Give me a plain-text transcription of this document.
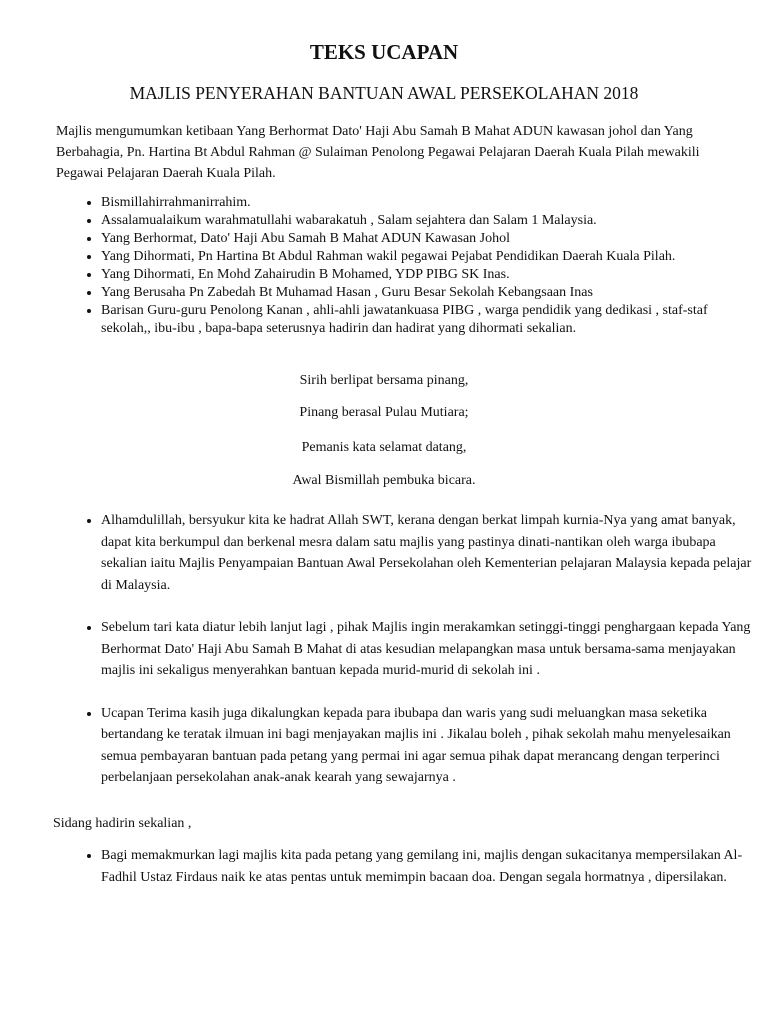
TEKS UCAPAN
MAJLIS PENYERAHAN BANTUAN AWAL PERSEKOLAHAN 2018
Majlis mengumumkan ketibaan Yang Berhormat Dato' Haji Abu Samah B Mahat ADUN kawasan johol dan Yang Berbahagia, Pn. Hartina Bt Abdul Rahman @ Sulaiman Penolong Pegawai Pelajaran Daerah Kuala Pilah mewakili Pegawai Pelajaran Daerah Kuala Pilah.
• Bismillahirrahmanirrahim.
• Assalamualaikum warahmatullahi wabarakatuh , Salam sejahtera dan Salam 1 Malaysia.
• Yang Berhormat, Dato' Haji Abu Samah B Mahat ADUN Kawasan Johol
• Yang Dihormati, Pn Hartina Bt Abdul Rahman wakil pegawai Pejabat Pendidikan Daerah Kuala Pilah.
• Yang Dihormati, En Mohd Zahairudin B Mohamed, YDP PIBG SK Inas.
• Yang Berusaha Pn Zabedah Bt Muhamad Hasan , Guru Besar Sekolah Kebangsaan Inas
• Barisan Guru-guru Penolong Kanan , ahli-ahli jawatankuasa PIBG , warga pendidik yang dedikasi , staf-staf sekolah,, ibu-ibu , bapa-bapa seterusnya hadirin dan hadirat yang dihormati sekalian.
Sirih berlipat bersama pinang,
Pinang berasal Pulau Mutiara;
Pemanis kata selamat datang,
Awal Bismillah pembuka bicara.
• Alhamdulillah, bersyukur kita ke hadrat Allah SWT, kerana dengan berkat limpah kurnia-Nya yang amat banyak, dapat kita berkumpul dan berkenal mesra dalam satu majlis yang pastinya dinati-nantikan oleh warga ibubapa sekalian iaitu Majlis Penyampaian Bantuan Awal Persekolahan oleh Kementerian pelajaran Malaysia kepada pelajar di Malaysia.
• Sebelum tari kata diatur lebih lanjut lagi , pihak Majlis ingin merakamkan setinggi-tinggi penghargaan kepada Yang Berhormat Dato' Haji Abu Samah B Mahat di atas kesudian melapangkan masa untuk bersama-sama menjayakan majlis ini sekaligus menyerahkan bantuan kepada murid-murid di sekolah ini .
• Ucapan Terima kasih juga dikalungkan kepada para ibubapa dan waris yang sudi meluangkan masa seketika bertandang ke teratak ilmuan ini bagi menjayakan majlis ini . Jikalau boleh , pihak sekolah mahu menyelesaikan semua pembayaran bantuan pada petang yang permai ini agar semua pihak dapat merancang dengan terperinci perbelanjaan persekolahan anak-anak kearah yang sewajarnya .
Sidang hadirin sekalian ,
• Bagi memakmurkan lagi majlis kita pada petang yang gemilang ini, majlis dengan sukacitanya mempersilakan Al-Fadhil Ustaz Firdaus naik ke atas pentas untuk memimpin bacaan doa. Dengan segala hormatnya , dipersilakan.
